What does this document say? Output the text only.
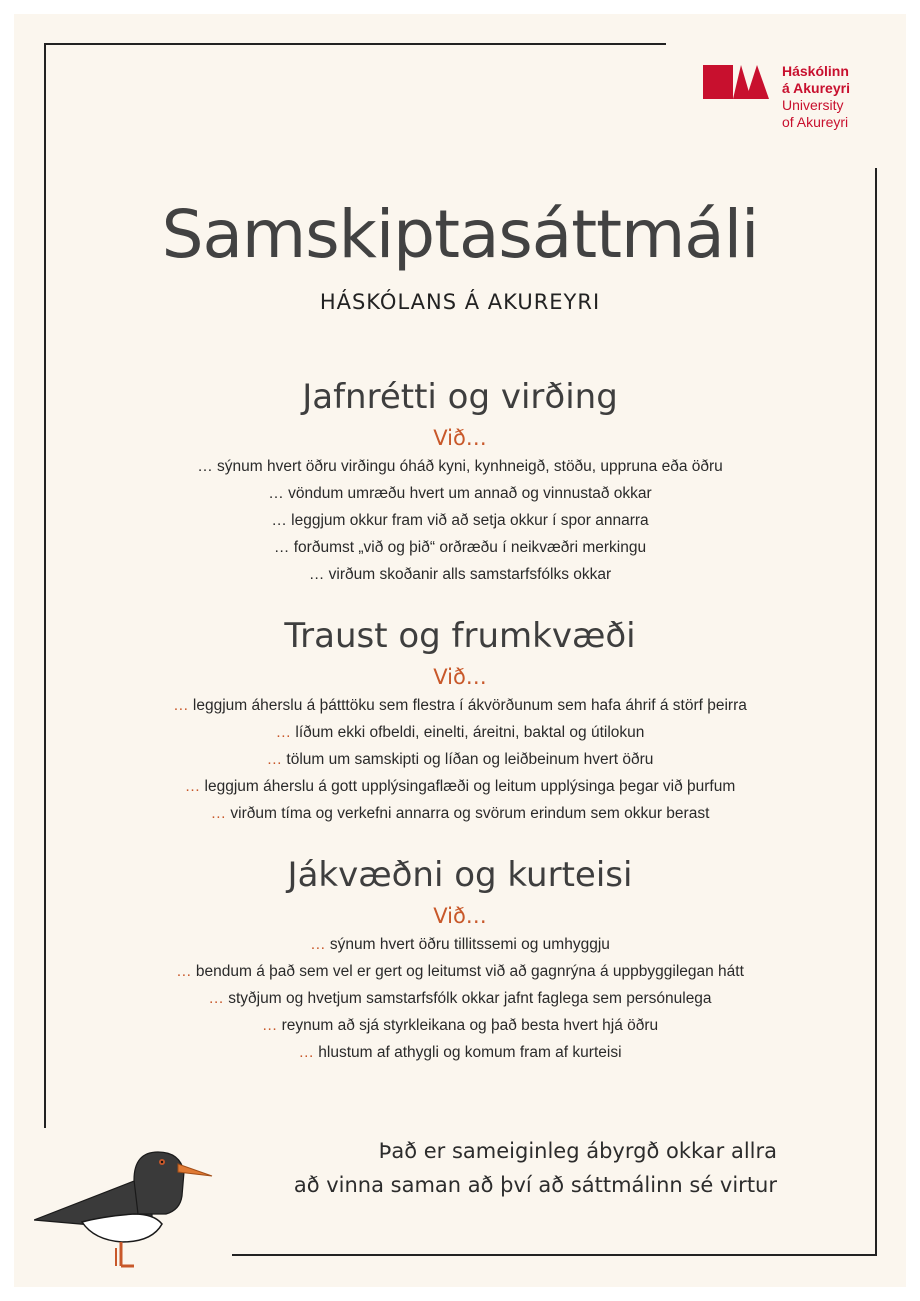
Háskólinn
á Akureyri
University
of Akureyri
Samskiptasáttmáli
HÁSKÓLANS Á AKUREYRI
Jafnrétti og virðing
Við…
… sýnum hvert öðru virðingu óháð kyni, kynhneigð, stöðu, uppruna eða öðru
… vöndum umræðu hvert um annað og vinnustað okkar
… leggjum okkur fram við að setja okkur í spor annarra
… forðumst „við og þið“ orðræðu í neikvæðri merkingu
… virðum skoðanir alls samstarfsfólks okkar
Traust og frumkvæði
Við…
… leggjum áherslu á þátttöku sem flestra í ákvörðunum sem hafa áhrif á störf þeirra
… líðum ekki ofbeldi, einelti, áreitni, baktal og útilokun
… tölum um samskipti og líðan og leiðbeinum hvert öðru
… leggjum áherslu á gott upplýsingaflæði og leitum upplýsinga þegar við þurfum
… virðum tíma og verkefni annarra og svörum erindum sem okkur berast
Jákvæðni og kurteisi
Við…
… sýnum hvert öðru tillitssemi og umhyggju
… bendum á það sem vel er gert og leitumst við að gagnrýna á uppbyggilegan hátt
… styðjum og hvetjum samstarfsfólk okkar jafnt faglega sem persónulega
… reynum að sjá styrkleikana og það besta hvert hjá öðru
… hlustum af athygli og komum fram af kurteisi
Það er sameiginleg ábyrgð okkar allra
að vinna saman að því að sáttmálinn sé virtur
